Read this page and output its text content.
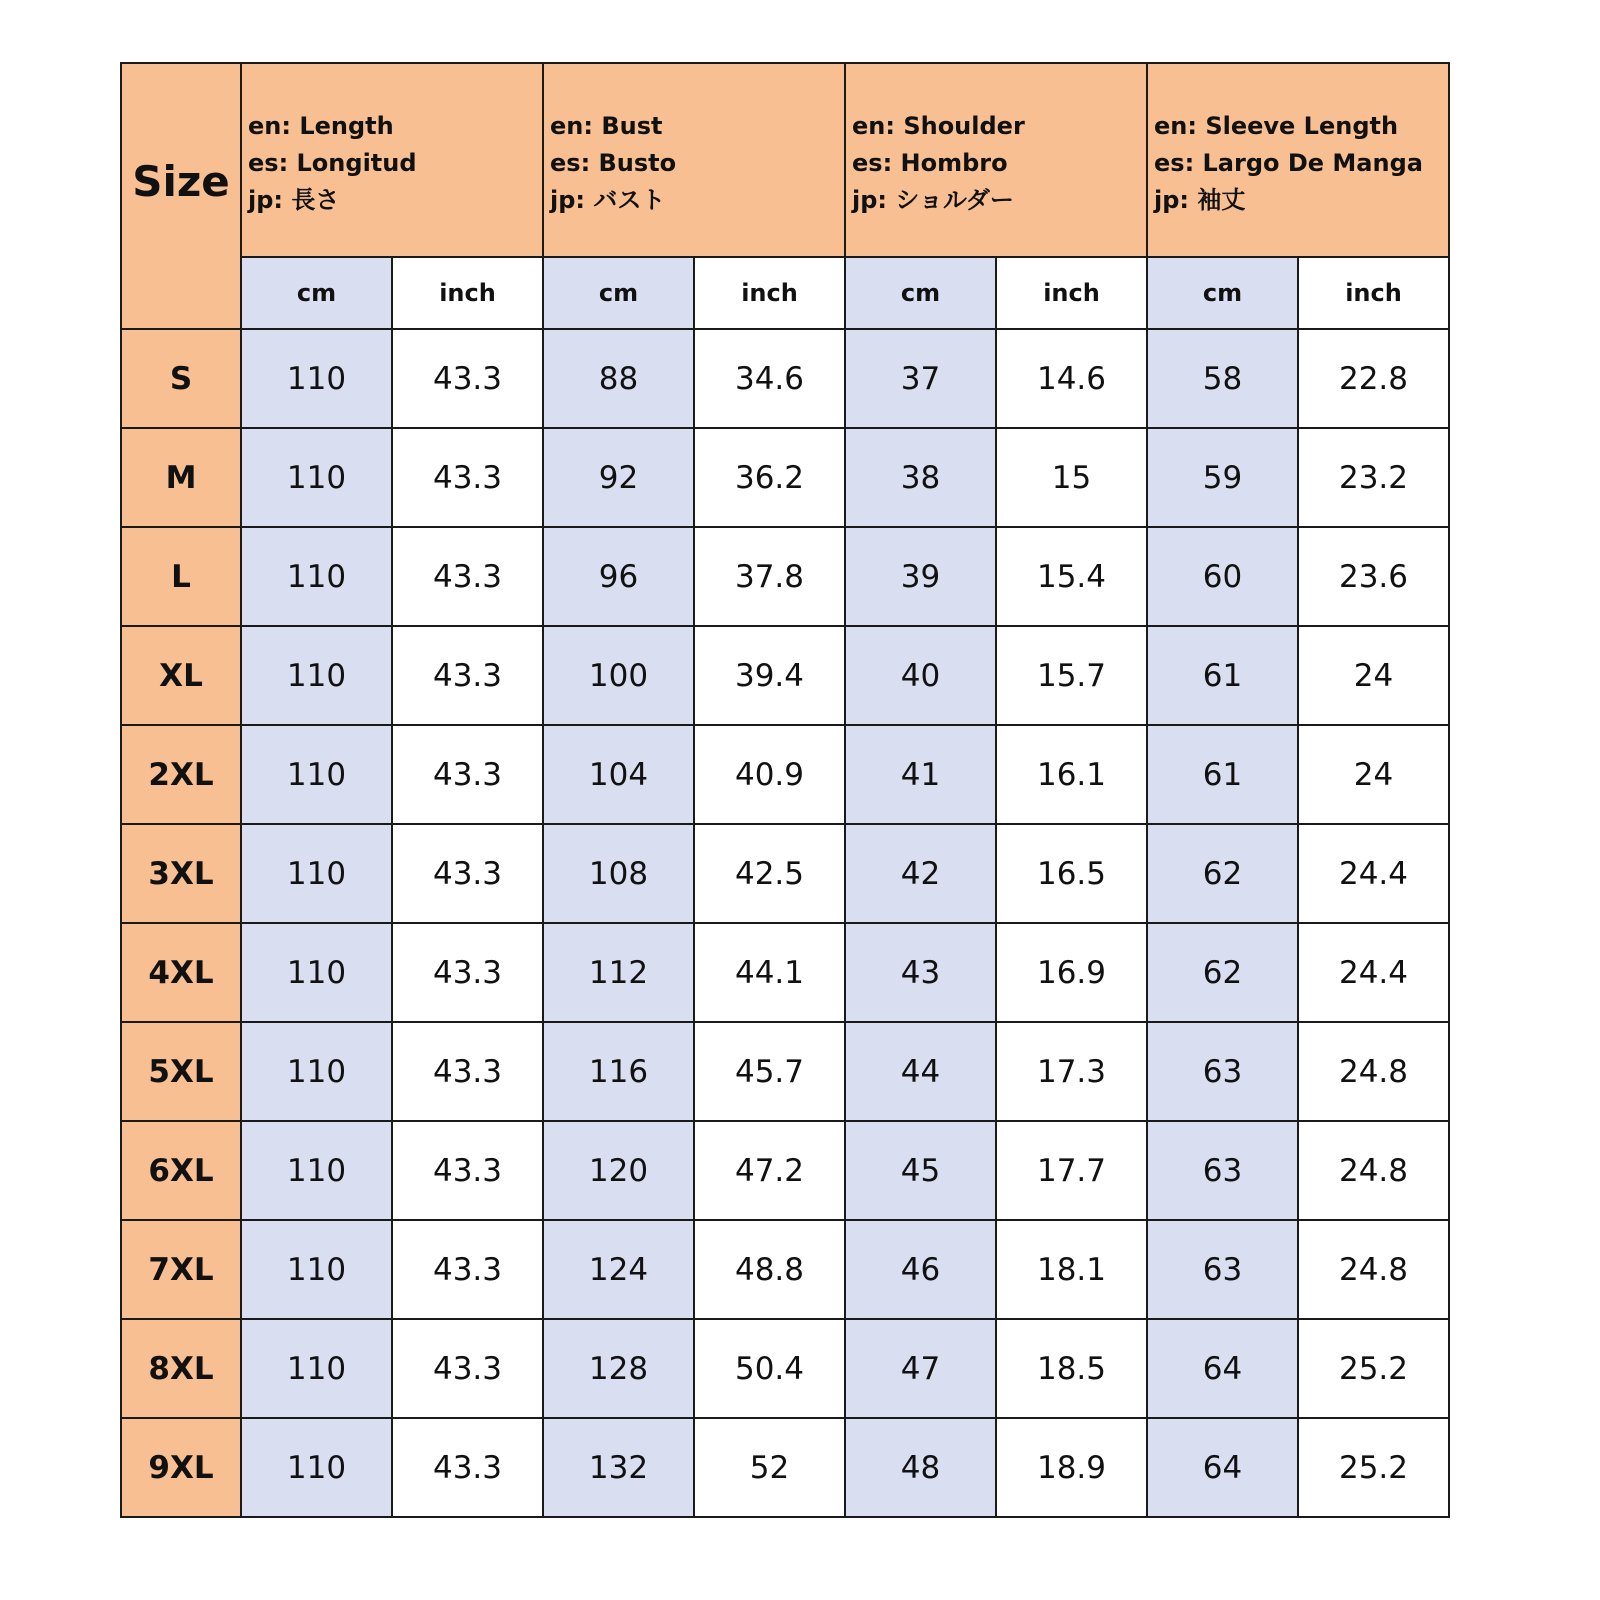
Size	en: Length
es: Longitud
jp: 長さ		en: Bust
es: Busto
jp: バスト		en: Shoulder
es: Hombro
jp: ショルダー		en: Sleeve Length
es: Largo De Manga
jp: 袖丈	

	cm	inch	cm	inch	cm	inch	cm	inch
S	110	43.3	88	34.6	37	14.6	58	22.8
M	110	43.3	92	36.2	38	15	59	23.2
L	110	43.3	96	37.8	39	15.4	60	23.6
XL	110	43.3	100	39.4	40	15.7	61	24
2XL	110	43.3	104	40.9	41	16.1	61	24
3XL	110	43.3	108	42.5	42	16.5	62	24.4
4XL	110	43.3	112	44.1	43	16.9	62	24.4
5XL	110	43.3	116	45.7	44	17.3	63	24.8
6XL	110	43.3	120	47.2	45	17.7	63	24.8
7XL	110	43.3	124	48.8	46	18.1	63	24.8
8XL	110	43.3	128	50.4	47	18.5	64	25.2
9XL	110	43.3	132	52	48	18.9	64	25.2
